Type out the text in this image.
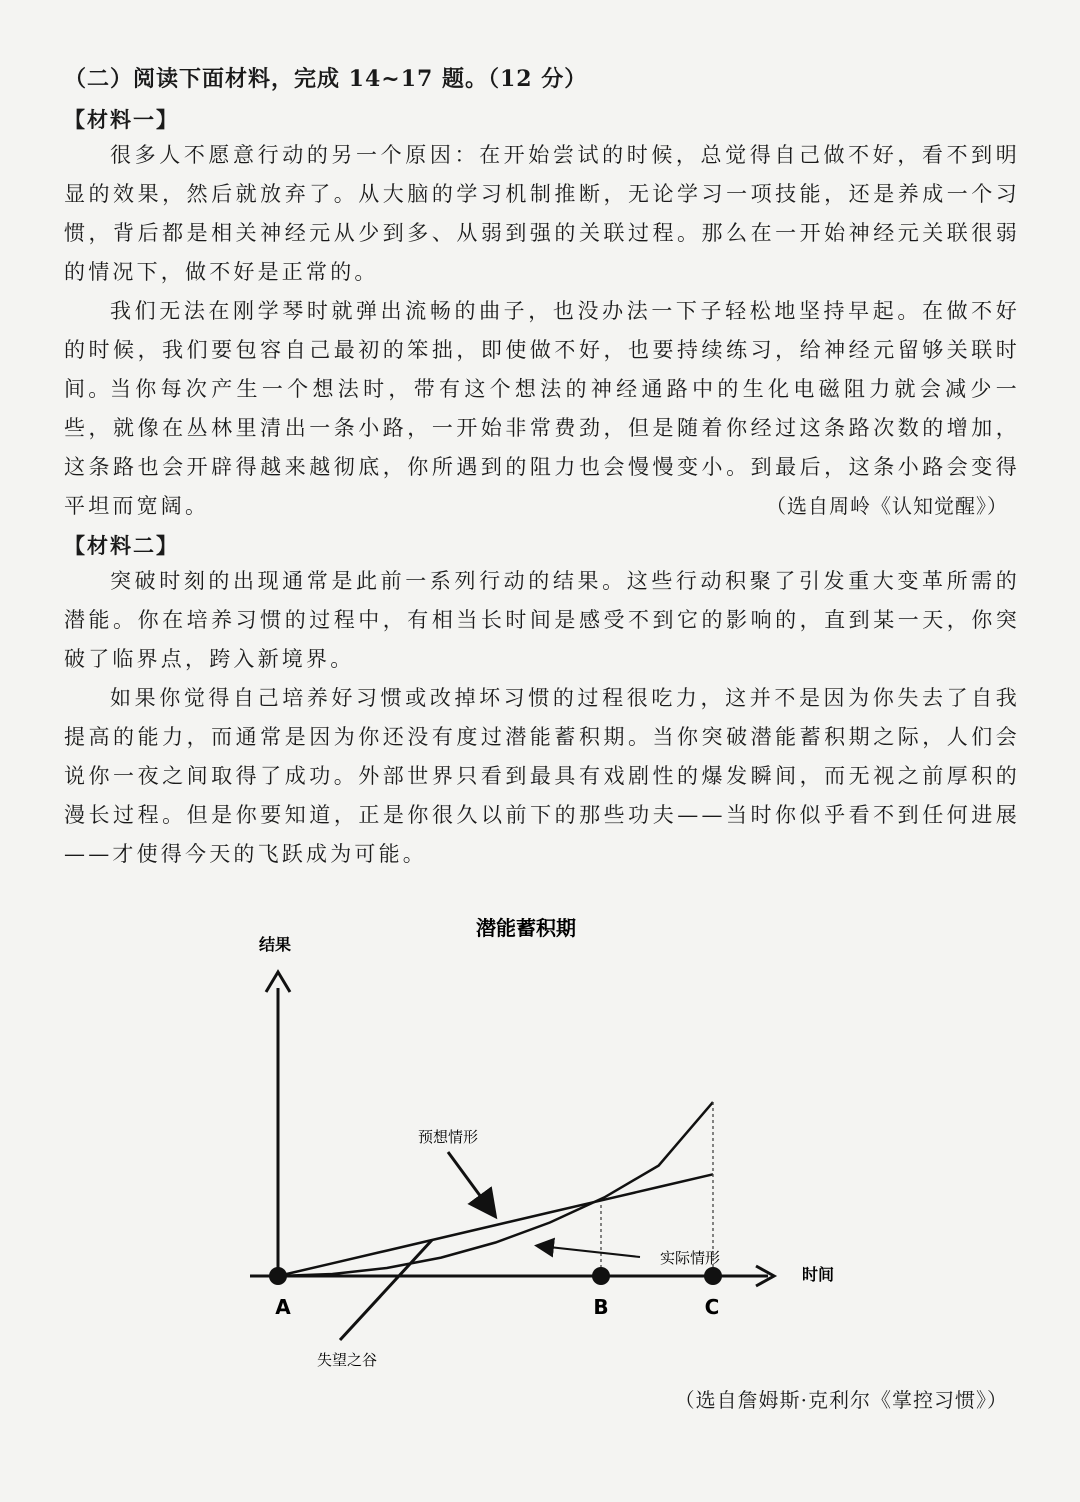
（二）阅读下面材料，完成 14~17 题。（12 分）
【材料一】

很多人不愿意行动的另一个原因：在开始尝试的时候，总觉得自己做不好，看不到明显的效果，然后就放弃了。从大脑的学习机制推断，无论学习一项技能，还是养成一个习惯，背后都是相关神经元从少到多、从弱到强的关联过程。那么在一开始神经元关联很弱的情况下，做不好是正常的。

我们无法在刚学琴时就弹出流畅的曲子，也没办法一下子轻松地坚持早起。在做不好的时候，我们要包容自己最初的笨拙，即使做不好，也要持续练习，给神经元留够关联时间。

当你每次产生一个想法时，带有这个想法的神经通路中的生化电磁阻力就会减少一些，就像在丛林里清出一条小路，一开始非常费劲，但是随着你经过这条路次数的增加，这条路也会开辟得越来越彻底，你所遇到的阻力也会慢慢变小。到最后，这条小路会变得平坦而宽阔。	（选自周岭《认知觉醒》）
【材料二】

突破时刻的出现通常是此前一系列行动的结果。这些行动积聚了引发重大变革所需的潜能。你在培养习惯的过程中，有相当长时间是感受不到它的影响的，直到某一天，你突破了临界点，跨入新境界。

如果你觉得自己培养好习惯或改掉坏习惯的过程很吃力，这并不是因为你失去了自我提高的能力，而通常是因为你还没有度过潜能蓄积期。当你突破潜能蓄积期之际，人们会说你一夜之间取得了成功。外部世界只看到最具有戏剧性的爆发瞬间，而无视之前厚积的漫长过程。但是你要知道，正是你很久以前下的那些功夫——当时你似乎看不到任何进展——才使得今天的飞跃成为可能。

潜能蓄积期
结果
时间
A	B	C
预想情形
实际情形
失望之谷
（选自詹姆斯·克利尔《掌控习惯》）
